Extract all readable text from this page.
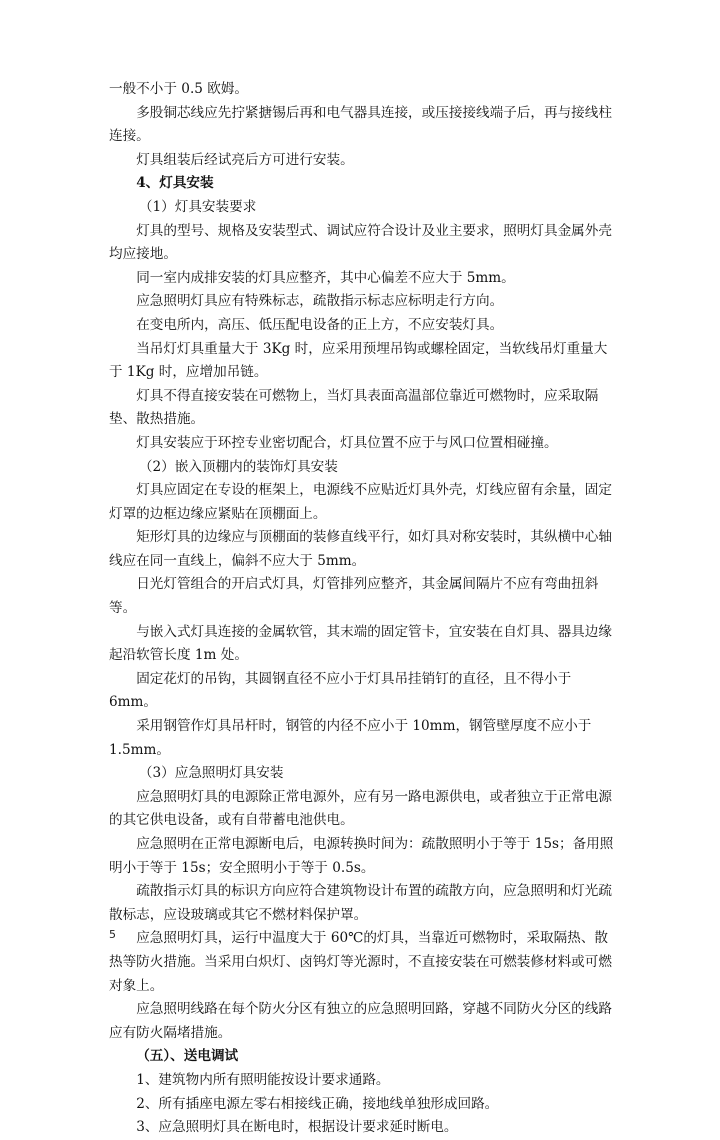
一般不小于 0.5 欧姆。

多股铜芯线应先拧紧搪锡后再和电气器具连接，或压接接线端子后，再与接线柱连接。

灯具组装后经试亮后方可进行安装。

4、灯具安装

（1）灯具安装要求

灯具的型号、规格及安装型式、调试应符合设计及业主要求，照明灯具金属外壳均应接地。

同一室内成排安装的灯具应整齐，其中心偏差不应大于 5mm。

应急照明灯具应有特殊标志，疏散指示标志应标明走行方向。

在变电所内，高压、低压配电设备的正上方，不应安装灯具。

当吊灯灯具重量大于 3Kg 时，应采用预埋吊钩或螺栓固定，当软线吊灯重量大于 1Kg 时，应增加吊链。

灯具不得直接安装在可燃物上，当灯具表面高温部位靠近可燃物时，应采取隔垫、散热措施。

灯具安装应于环控专业密切配合，灯具位置不应于与风口位置相碰撞。

（2）嵌入顶棚内的装饰灯具安装

灯具应固定在专设的框架上，电源线不应贴近灯具外壳，灯线应留有余量，固定灯罩的边框边缘应紧贴在顶棚面上。

矩形灯具的边缘应与顶棚面的装修直线平行，如灯具对称安装时，其纵横中心轴线应在同一直线上，偏斜不应大于 5mm。

日光灯管组合的开启式灯具，灯管排列应整齐，其金属间隔片不应有弯曲扭斜等。

与嵌入式灯具连接的金属软管，其末端的固定管卡，宜安装在自灯具、器具边缘起沿软管长度 1m 处。

固定花灯的吊钩，其圆钢直径不应小于灯具吊挂销钉的直径，且不得小于 6mm。

采用钢管作灯具吊杆时，钢管的内径不应小于 10mm，钢管壁厚度不应小于 1.5mm。

（3）应急照明灯具安装

应急照明灯具的电源除正常电源外，应有另一路电源供电，或者独立于正常电源的其它供电设备，或有自带蓄电池供电。

应急照明在正常电源断电后，电源转换时间为：疏散照明小于等于 15s；备用照明小于等于 15s；安全照明小于等于 0.5s。

疏散指示灯具的标识方向应符合建筑物设计布置的疏散方向，应急照明和灯光疏散标志，应设玻璃或其它不燃材料保护罩。

应急照明灯具，运行中温度大于 60℃的灯具，当靠近可燃物时，采取隔热、散热等防火措施。当采用白炽灯、卤钨灯等光源时，不直接安装在可燃装修材料或可燃对象上。

应急照明线路在每个防火分区有独立的应急照明回路，穿越不同防火分区的线路应有防火隔堵措施。

（五）、送电调试

1、建筑物内所有照明能按设计要求通路。

2、所有插座电源左零右相接线正确，接地线单独形成回路。

3、应急照明灯具在断电时，根据设计要求延时断电。

5
